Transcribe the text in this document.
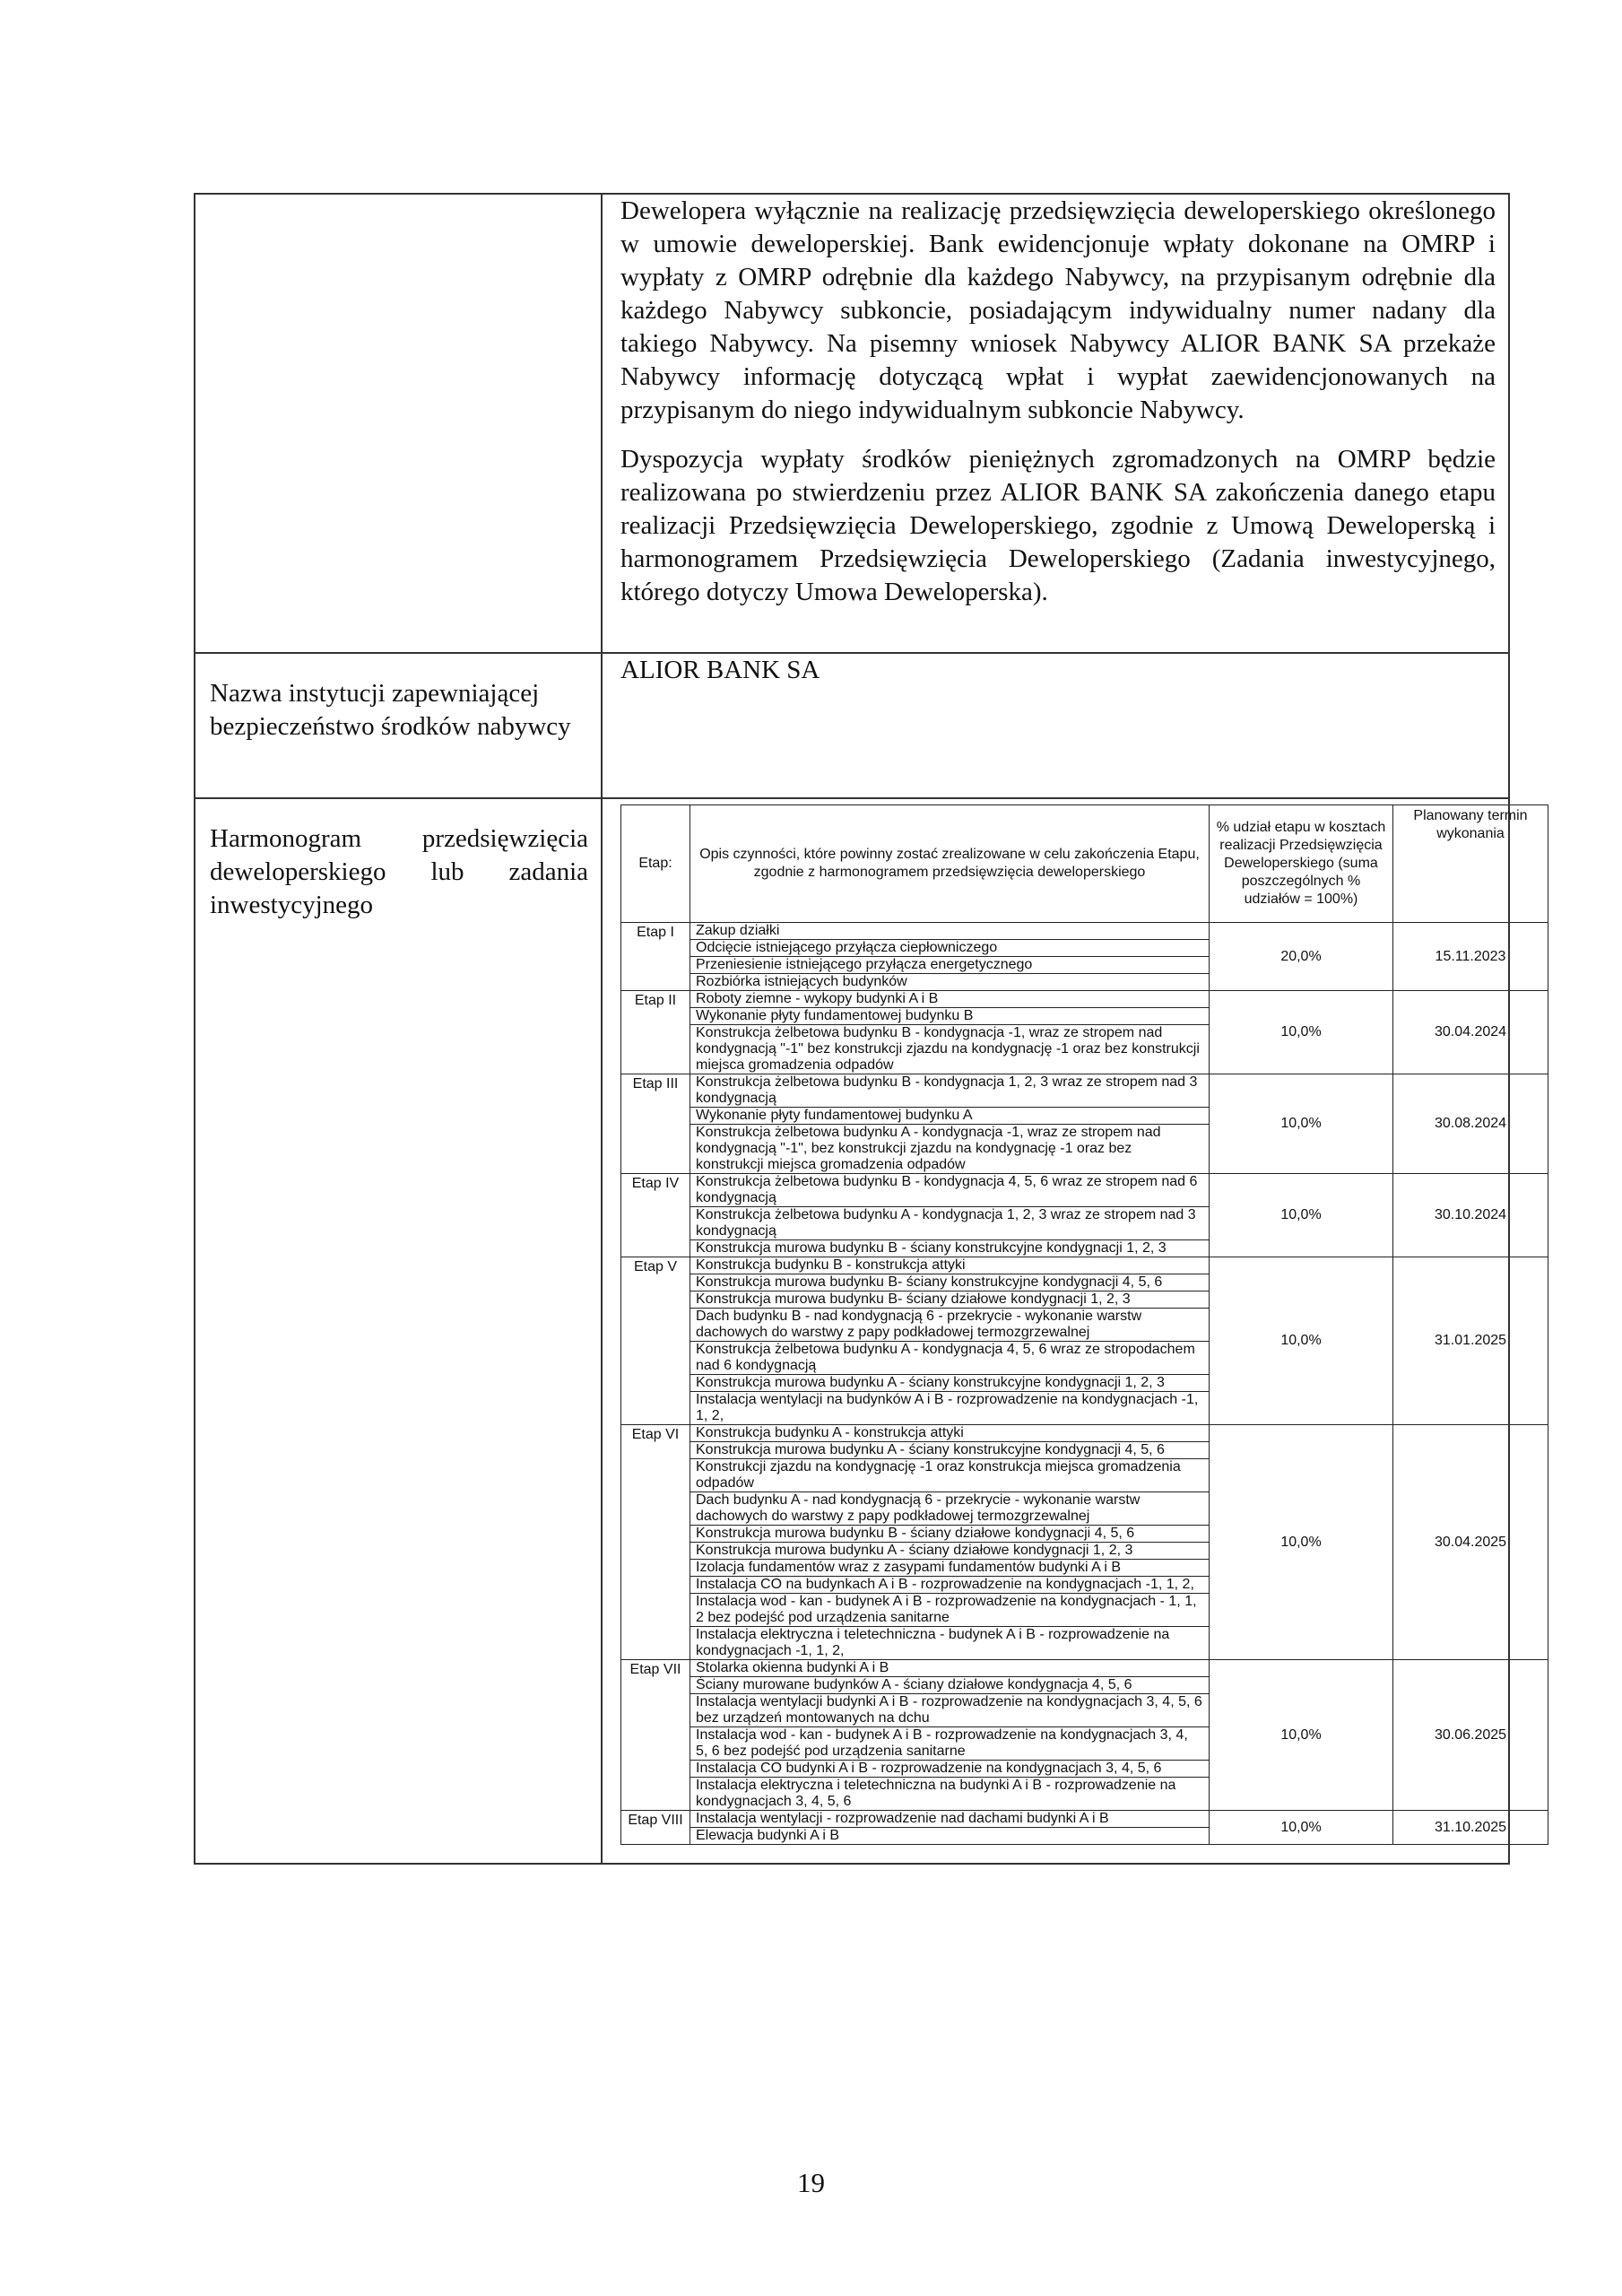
Dewelopera wyłącznie na realizację przedsięwzięcia deweloperskiego określonego w umowie deweloperskiej. Bank ewidencjonuje wpłaty dokonane na OMRP i wypłaty z OMRP odrębnie dla każdego Nabywcy, na przypisanym odrębnie dla każdego Nabywcy subkoncie, posiadającym indywidualny numer nadany dla takiego Nabywcy. Na pisemny wniosek Nabywcy ALIOR BANK SA przekaże Nabywcy informację dotyczącą wpłat i wypłat zaewidencjonowanych na przypisanym do niego indywidualnym subkoncie Nabywcy.

Dyspozycja wypłaty środków pieniężnych zgromadzonych na OMRP będzie realizowana po stwierdzeniu przez ALIOR BANK SA zakończenia danego etapu realizacji Przedsięwzięcia Deweloperskiego, zgodnie z Umową Deweloperską i harmonogramem Przedsięwzięcia Deweloperskiego (Zadania inwestycyjnego, którego dotyczy Umowa Deweloperska).

Nazwa instytucji zapewniającej bezpieczeństwo środków nabywcy	ALIOR BANK SA
Harmonogram przedsięwzięcia deweloperskiego lub zadania inwestycyjnego	
Etap:	Opis czynności, które powinny zostać zrealizowane w celu zakończenia Etapu, zgodnie z harmonogramem przedsięwzięcia deweloperskiego	% udział etapu w kosztach realizacji Przedsięwzięcia Deweloperskiego (suma poszczególnych % udziałów = 100%)	Planowany termin wykonania
Etap I	Zakup działki	20,0%	15.11.2023
Odcięcie istniejącego przyłącza ciepłowniczego
Przeniesienie istniejącego przyłącza energetycznego
Rozbiórka istniejących budynków
Etap II	Roboty ziemne - wykopy budynki A i B	10,0%	30.04.2024
Wykonanie płyty fundamentowej budynku B
Konstrukcja żelbetowa budynku B - kondygnacja -1, wraz ze stropem nad kondygnacją "-1" bez konstrukcji zjazdu na kondygnację -1 oraz bez konstrukcji miejsca gromadzenia odpadów
Etap III	Konstrukcja żelbetowa budynku B - kondygnacja 1, 2, 3 wraz ze stropem nad 3 kondygnacją	10,0%	30.08.2024
Wykonanie płyty fundamentowej budynku A
Konstrukcja żelbetowa budynku A - kondygnacja -1, wraz ze stropem nad kondygnacją "-1", bez konstrukcji zjazdu na kondygnację -1 oraz bez konstrukcji miejsca gromadzenia odpadów
Etap IV	Konstrukcja żelbetowa budynku B - kondygnacja 4, 5, 6 wraz ze stropem nad 6 kondygnacją	10,0%	30.10.2024
Konstrukcja żelbetowa budynku A - kondygnacja 1, 2, 3 wraz ze stropem nad 3 kondygnacją
Konstrukcja murowa budynku B - ściany konstrukcyjne kondygnacji 1, 2, 3
Etap V	Konstrukcja budynku B - konstrukcja attyki	10,0%	31.01.2025
Konstrukcja murowa budynku B- ściany konstrukcyjne kondygnacji 4, 5, 6
Konstrukcja murowa budynku B- ściany działowe kondygnacji 1, 2, 3
Dach budynku B - nad kondygnacją 6 - przekrycie - wykonanie warstw dachowych do warstwy z papy podkładowej termozgrzewalnej
Konstrukcja żelbetowa budynku A - kondygnacja 4, 5, 6 wraz ze stropodachem nad 6 kondygnacją
Konstrukcja murowa budynku A - ściany konstrukcyjne kondygnacji 1, 2, 3
Instalacja wentylacji na budynków A i B - rozprowadzenie na kondygnacjach -1, 1, 2,
Etap VI	Konstrukcja budynku A - konstrukcja attyki	10,0%	30.04.2025
Konstrukcja murowa budynku A - ściany konstrukcyjne kondygnacji 4, 5, 6
Konstrukcji zjazdu na kondygnację -1 oraz konstrukcja miejsca gromadzenia odpadów
Dach budynku A - nad kondygnacją 6 - przekrycie - wykonanie warstw dachowych do warstwy z papy podkładowej termozgrzewalnej
Konstrukcja murowa budynku B - ściany działowe kondygnacji 4, 5, 6
Konstrukcja murowa budynku A - ściany działowe kondygnacji 1, 2, 3
Izolacja fundamentów wraz z zasypami fundamentów budynki A i B
Instalacja CO na budynkach A i B - rozprowadzenie na kondygnacjach -1, 1, 2,
Instalacja wod - kan - budynek A i B - rozprowadzenie na kondygnacjach - 1, 1, 2 bez podejść pod urządzenia sanitarne
Instalacja elektryczna i teletechniczna - budynek A i B - rozprowadzenie na kondygnacjach -1, 1, 2,
Etap VII	Stolarka okienna budynki A i B	10,0%	30.06.2025
Ściany murowane budynków A - ściany działowe kondygnacja 4, 5, 6
Instalacja wentylacji budynki A i B - rozprowadzenie na kondygnacjach 3, 4, 5, 6 bez urządzeń montowanych na dchu
Instalacja wod - kan - budynek A i B - rozprowadzenie na kondygnacjach 3, 4, 5, 6 bez podejść pod urządzenia sanitarne
Instalacja CO budynki A i B - rozprowadzenie na kondygnacjach 3, 4, 5, 6
Instalacja elektryczna i teletechniczna na budynki A i B - rozprowadzenie na kondygnacjach 3, 4, 5, 6
Etap VIII	Instalacja wentylacji - rozprowadzenie nad dachami budynki A i B	10,0%	31.10.2025
Elewacja budynki A i B
19
